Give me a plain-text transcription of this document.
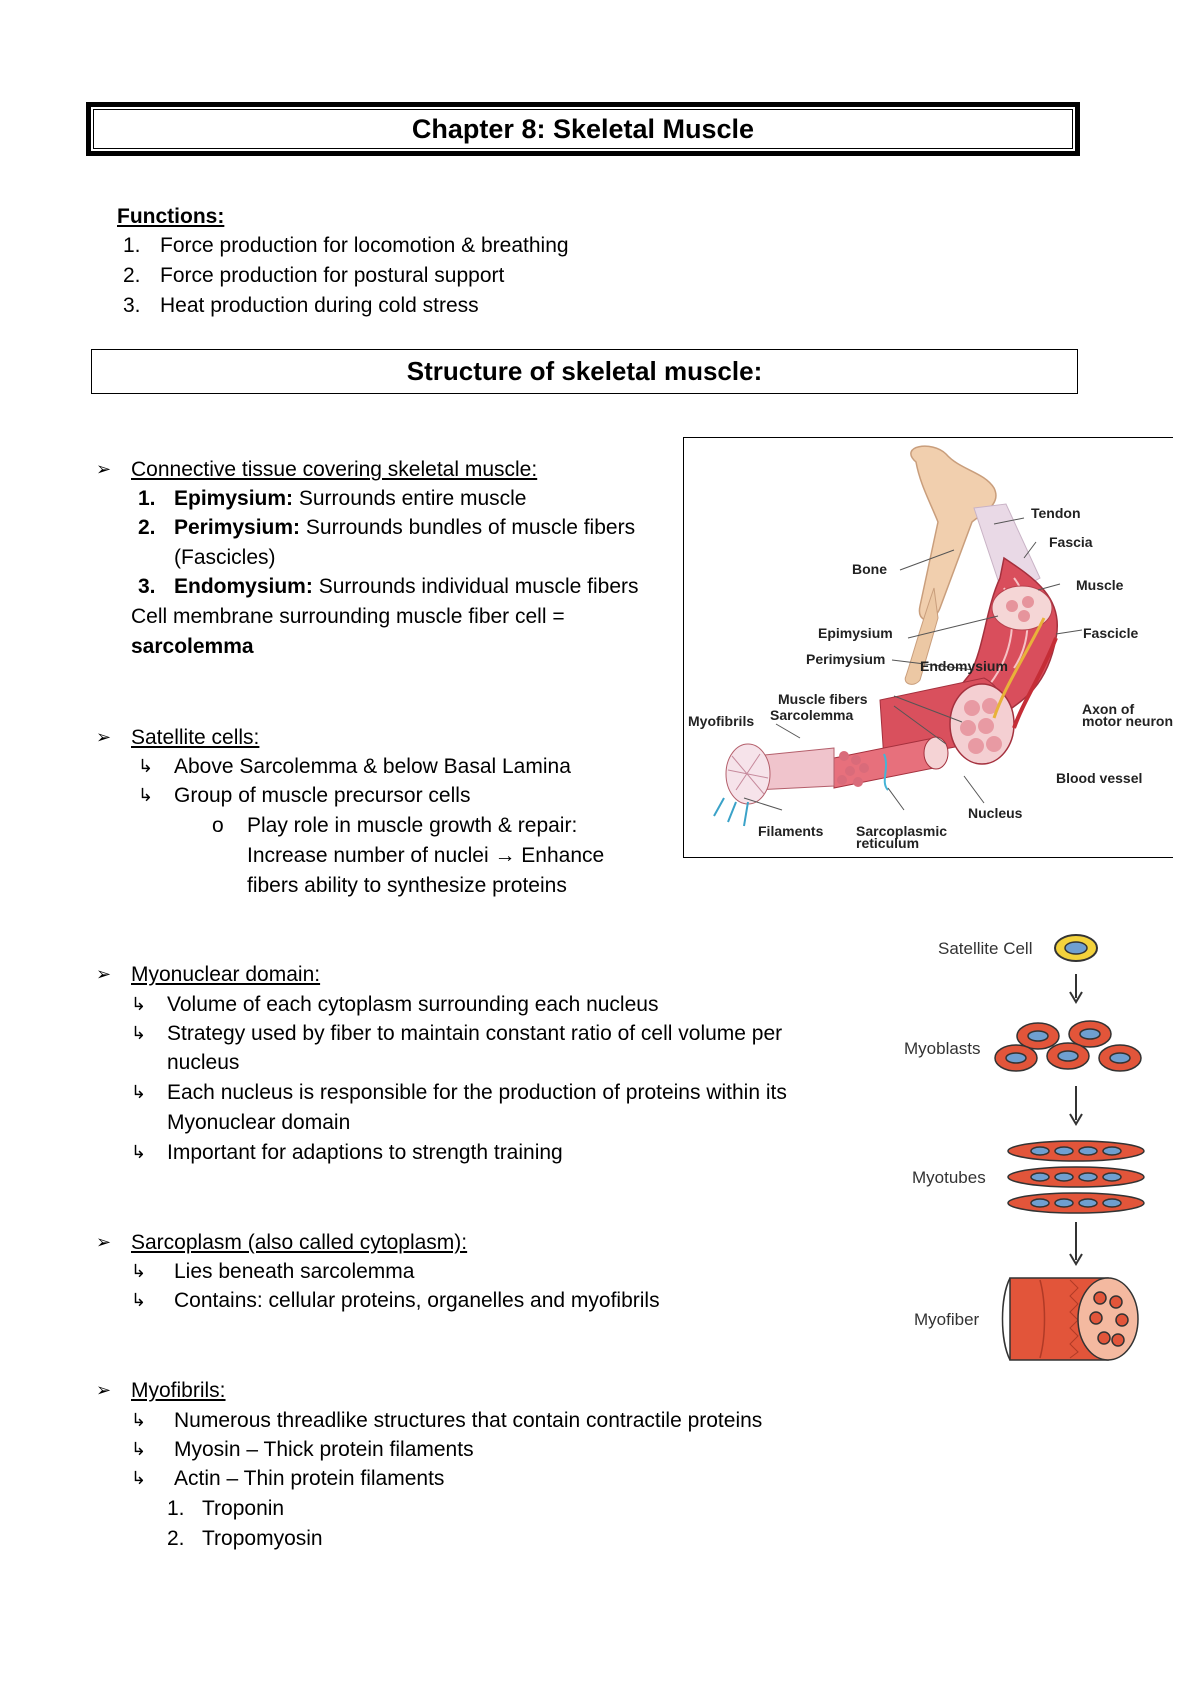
Chapter 8: Skeletal Muscle
Functions:
1. Force production for locomotion & breathing
2. Force production for postural support
3. Heat production during cold stress
Structure of skeletal muscle:
➢ Connective tissue covering skeletal muscle:
1. Epimysium: Surrounds entire muscle
2. Perimysium: Surrounds bundles of muscle fibers
(Fascicles)
3. Endomysium: Surrounds individual muscle fibers
Cell membrane surrounding muscle fiber cell =
sarcolemma
➢ Satellite cells:
↳ Above Sarcolemma & below Basal Lamina
↳ Group of muscle precursor cells
o Play role in muscle growth & repair:
Increase number of nuclei → Enhance
fibers ability to synthesize proteins
➢ Myonuclear domain:
↳ Volume of each cytoplasm surrounding each nucleus
↳ Strategy used by fiber to maintain constant ratio of cell volume per
nucleus
↳ Each nucleus is responsible for the production of proteins within its
Myonuclear domain
↳ Important for adaptions to strength training
➢ Sarcoplasm (also called cytoplasm):
↳ Lies beneath sarcolemma
↳ Contains: cellular proteins, organelles and myofibrils
➢ Myofibrils:
↳ Numerous threadlike structures that contain contractile proteins
↳ Myosin – Thick protein filaments
↳ Actin – Thin protein filaments
1. Troponin
2. Tropomyosin
Tendon
Fascia
Bone
Muscle
Epimysium	Fascicle
Perimysium Endomysium
Muscle fibers
Axon of
motor neuron
Myofibrils Sarcolemma
Blood vessel
Nucleus
Filaments Sarcoplasmic
reticulum
Satellite Cell
Myoblasts
Myotubes
Myofiber
